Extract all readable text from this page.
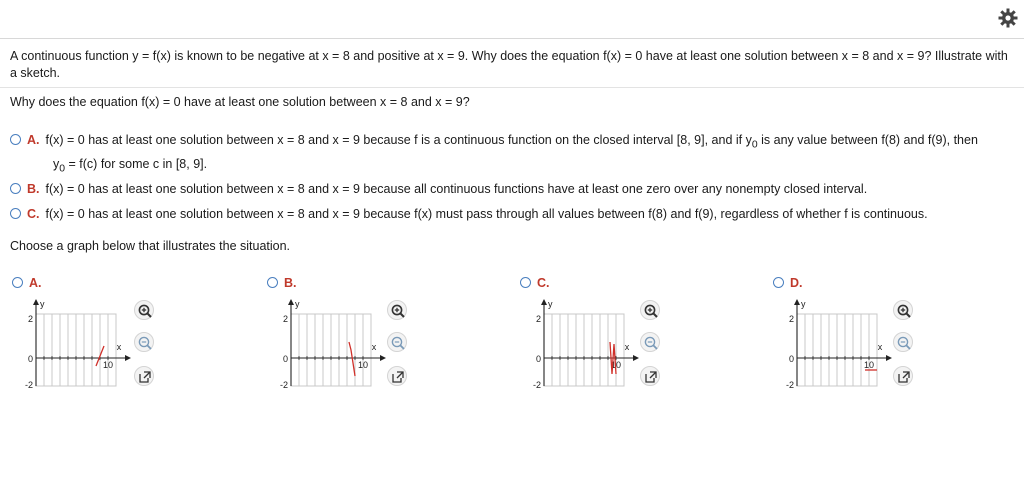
A continuous function y = f(x) is known to be negative at x = 8 and positive at x = 9. Why does the equation f(x) = 0 have at least one solution between x = 8 and x = 9? Illustrate with a sketch.
Why does the equation f(x) = 0 have at least one solution between x = 8 and x = 9?
A. f(x) = 0 has at least one solution between x = 8 and x = 9 because f is a continuous function on the closed interval [8, 9], and if $y_0$ is any value between f(8) and f(9), then
$y_0 = f(c)$ for some c in [8, 9].
B. f(x) = 0 has at least one solution between x = 8 and x = 9 because all continuous functions have at least one zero over any nonempty closed interval.
C. f(x) = 0 has at least one solution between x = 8 and x = 9 because f(x) must pass through all values between f(8) and f(9), regardless of whether f is continuous.
Choose a graph below that illustrates the situation.
A.	B.	C.	D.
y
2
0
-2
10
x
y
2
0
-2
10
x
y
2
0
-2
10
x
y
2
0
-2
10
x
